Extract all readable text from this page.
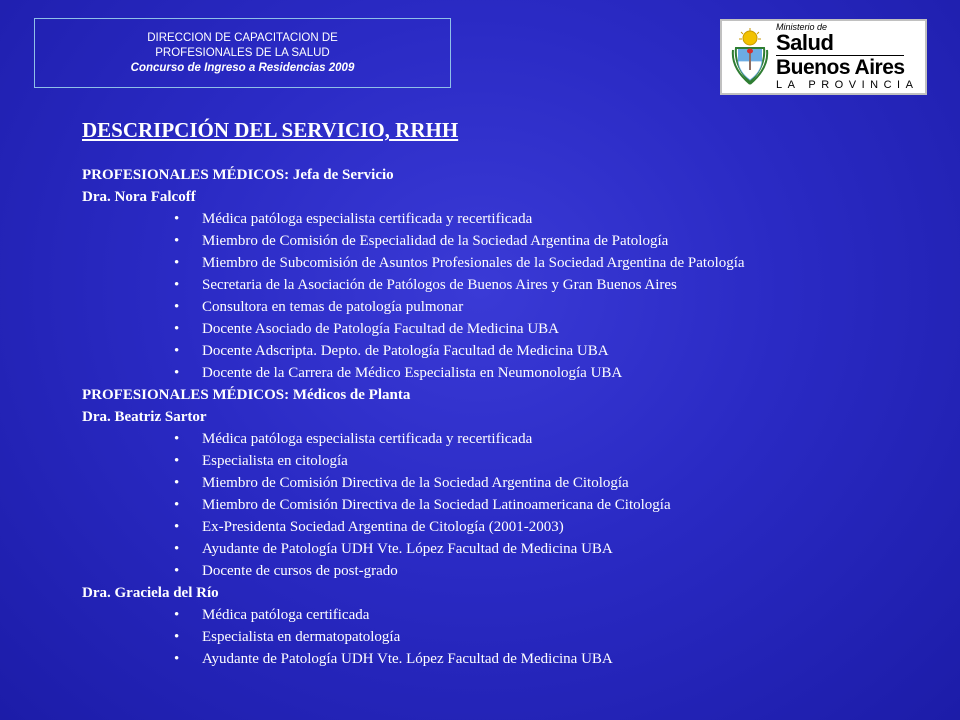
DIRECCION DE CAPACITACION DE
PROFESIONALES DE LA SALUD
Concurso de Ingreso a Residencias 2009
Ministerio de
Salud
Buenos Aires
LA PROVINCIA
DESCRIPCIÓN DEL SERVICIO, RRHH
PROFESIONALES MÉDICOS: Jefa de Servicio
Dra. Nora Falcoff
• Médica patóloga especialista certificada y recertificada
• Miembro de Comisión de Especialidad de la Sociedad Argentina de Patología
• Miembro de Subcomisión de Asuntos Profesionales de la Sociedad Argentina de Patología
• Secretaria de la Asociación de Patólogos de Buenos Aires y Gran Buenos Aires
• Consultora en temas de patología pulmonar
• Docente Asociado de Patología Facultad de Medicina UBA
• Docente Adscripta. Depto. de Patología Facultad de Medicina UBA
• Docente de la Carrera de Médico Especialista en Neumonología UBA
PROFESIONALES MÉDICOS: Médicos de Planta
Dra. Beatriz Sartor
• Médica patóloga especialista certificada y recertificada
• Especialista en citología
• Miembro de Comisión Directiva de la Sociedad Argentina de Citología
• Miembro de Comisión Directiva de la Sociedad Latinoamericana de Citología
• Ex-Presidenta Sociedad Argentina de Citología (2001-2003)
• Ayudante de Patología UDH Vte. López Facultad de Medicina UBA
• Docente de cursos de post-grado
Dra. Graciela del Río
• Médica patóloga certificada
• Especialista en dermatopatología
• Ayudante de Patología UDH Vte. López Facultad de Medicina UBA
